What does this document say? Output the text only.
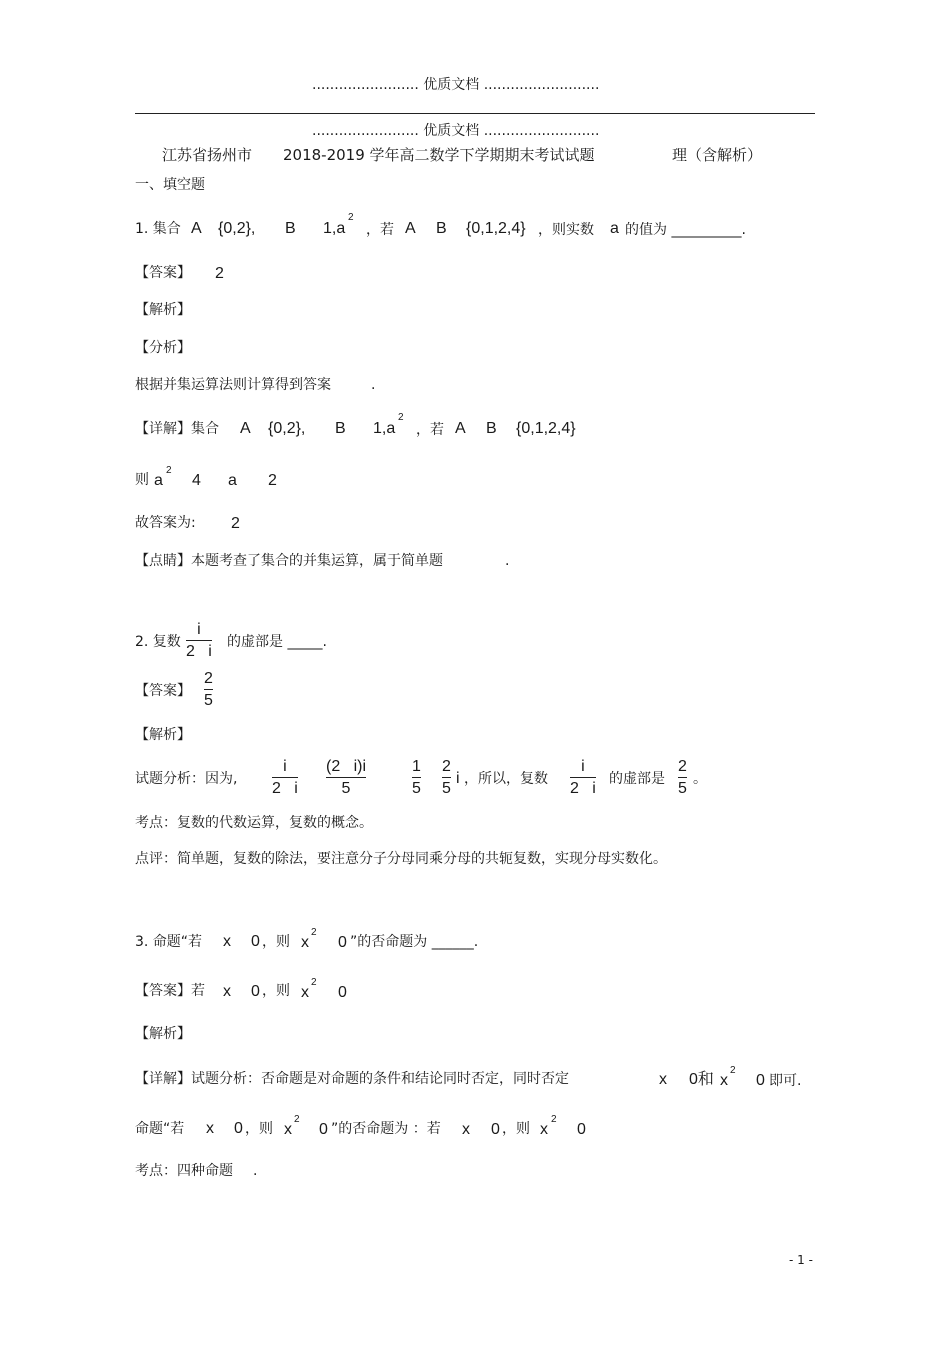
........................ 优质文档 ..........................
........................ 优质文档 ..........................
江苏省扬州市 2018-2019 学年高二数学下学期期末考试试题	理（含解析）
一、填空题
1. 集合 A {0,2}, B 1,a
2
，若 A B {0,1,2,4} ，则实数 a 的值为 __________.
【答案】 2
【解析】
【分析】
根据并集运算法则计算得到答案	.
【详解】集合 A {0,2}, B 1,a
2
，若 A B {0,1,2,4}
则 a
2
4 a 2
故答案为: 2
【点睛】本题考查了集合的并集运算，属于简单题	.
2. 复数
i
2   i
的虚部是 _____.
【答案】
2
5
【解析】
试题分析：因为,
i
2   i
(2   i)i
5
1
5
2
5
i ，所以，复数
i
2   i
的虚部是
2
5
。
考点：复数的代数运算，复数的概念。
点评：简单题，复数的除法，要注意分子分母同乘分母的共轭复数，实现分母实数化。
3. 命题“若 x 0 ，则 x
2
0 ”的否命题为 ______.
【答案】若 x 0 ，则 x
2
0
【解析】
【详解】试题分析：否命题是对命题的条件和结论同时否定，同时否定	x 0和 x
2
0 即可.
命题“若 x 0 ，则 x
2
0 ”的否命题为 ：若 x 0 ，则 x
2
0
考点：四种命题 .
- 1 -
